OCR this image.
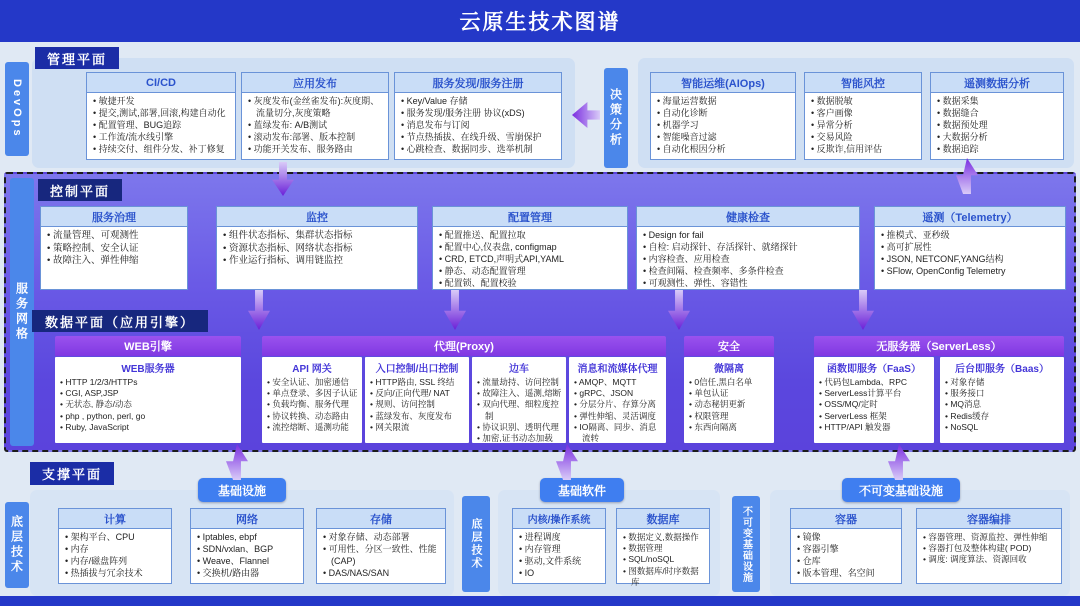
云原生技术图谱
DevOps
管理平面
CI/CD
• 敏捷开发
• 提交,测试,部署,回滚,构建自动化
• 配置管理、BUG追踪
• 工作流/流水线引擎
• 持续交付、组件分发、补丁修复
应用发布
• 灰度发布(金丝雀发布):灰度期、流量切分,灰度策略
• 蓝绿发布: A/B测试
• 滚动发布:部署、版本控制
• 功能开关发布、服务路由
服务发现/服务注册
• Key/Value 存储
• 服务发现/服务注册 协议(xDS)
• 消息发布与订阅
• 节点热插拔、在线升级、雪崩保护
• 心跳检查、数据同步、选举机制
决策分析
智能运维(AIOps)
• 海量运营数据
• 自动化诊断
• 机器学习
• 智能噪音过滤
• 自动化根因分析
智能风控
• 数据脱敏
• 客户画像
• 异常分析
• 交易风险
• 反欺诈,信用评估
遥测数据分析
• 数据采集
• 数据缝合
• 数据预处理
• 大数据分析
• 数据追踪
控制平面
数据平面（应用引擎）
服务网格
服务治理
• 流量管理、可观测性
• 策略控制、安全认证
• 故障注入、弹性伸缩
监控
• 组件状态指标、集群状态指标
• 资源状态指标、网络状态指标
• 作业运行指标、调用链监控
配置管理
• 配置推送、配置拉取
• 配置中心,仪表盘, configmap
• CRD, ETCD,声明式API,YAML
• 静态、动态配置管理
• 配置锁、配置校验
健康检查
• Design for fail
• 自检: 启动探针、存活探针、就绪探针
• 内容检查、应用检查
• 检查间隔、检查频率、多条件检查
• 可观测性、弹性、容错性
遥测（Telemetry）
• 推模式、亚秒级
• 高可扩展性
• JSON, NETCONF,YANG结构
• SFlow, OpenConfig Telemetry
WEB引擎
WEB服务器
• HTTP 1/2/3/HTTPs
• CGI, ASP,JSP
• 无状态, 静态/动态
• php , python, perl, go
• Ruby, JavaScript
代理(Proxy)
API 网关
• 安全认证、加密通信
• 单点登录、多因子认证
• 负载均衡、服务代理
• 协议转换、动态路由
• 流控熔断、遥测功能
入口控制/出口控制
• HTTP路由, SSL 终结
• 反向/正向代理/ NAT
• 规则、访问控制
• 蓝绿发布、灰度发布
• 网关限流
边车
• 流量劫持、访问控制
• 故障注入、遥测,熔断
• 双向代理、细粒度控制
• 协议识别、透明代理
• 加密,证书动态加载
消息和流媒体代理
• AMQP、MQTT
• gRPC、JSON
• 分层分片、存算分离
• 弹性伸缩、灵活调度
• IO隔离、同步、消息流转
安全
微隔离
• 0信任,黑白名单
• 单包认证
• 动态秘钥更新
• 权限管理
• 东西向隔离
无服务器（ServerLess）
函数即服务（FaaS）
• 代码包Lambda、RPC
• ServerLess计算平台
• OSS/MQ/定时
• ServerLess 框架
• HTTP/API 触发器
后台即服务（Baas）
• 对象存储
• 服务接口
• MQ消息
• Redis缓存
• NoSQL
支撑平面
底层技术
基础设施
计算
• 架构平台、CPU
• 内存
• 内存/磁盘阵列
• 热插拔与冗余技术
网络
• Iptables, ebpf
• SDN/vxlan、BGP
• Weave、Flannel
• 交换机/路由器
存储
• 对象存储、动态部署
• 可用性、分区一致性、性能(CAP)
• DAS/NAS/SAN
底层技术
基础软件
内核/操作系统
• 进程调度
• 内存管理
• 驱动,文件系统
• IO
数据库
• 数据定义,数据操作
• 数据管理
• SQL/noSQL
• 图数据库/时序数据库	不可变基础设施
不可变基础设施
容器
• 镜像
• 容器引擎
• 仓库
• 版本管理、名空间
容器编排
• 容器管理、资源监控、弹性伸缩
• 容器打包及整体构建( POD)
• 调度: 调度算法、资源回收
